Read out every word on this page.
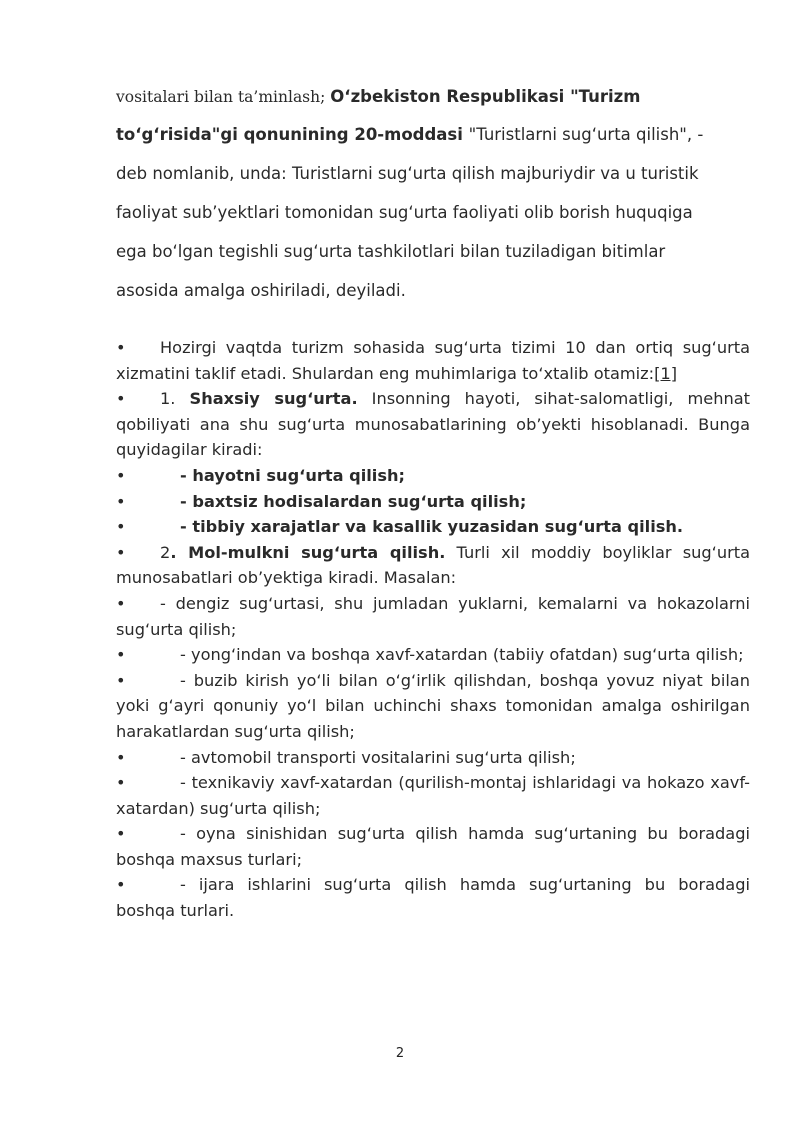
vositalari bilan ta’minlash; O‘zbekiston Respublikasi "Turizm
to‘g‘risida"gi qonunining 20-moddasi "Turistlarni sug‘urta qilish", -
deb nomlanib, unda: Turistlarni sug‘urta qilish majburiydir va u turistik
faoliyat sub’yektlari tomonidan sug‘urta faoliyati olib borish huquqiga
ega bo‘lgan tegishli sug‘urta tashkilotlari bilan tuziladigan bitimlar
asosida amalga oshiriladi, deyiladi.

• Hozirgi vaqtda turizm sohasida sug‘urta tizimi 10 dan ortiq sug‘urta xizmatini taklif etadi. Shulardan eng muhimlariga to‘xtalib otamiz:[1]

• 1. Shaxsiy sug‘urta. Insonning hayoti, sihat-salomatligi, mehnat qobiliyati ana shu sug‘urta munosabatlarining ob’yekti hisoblanadi. Bunga quyidagilar kiradi:

•	- hayotni sug‘urta qilish;

•	- baxtsiz hodisalardan sug‘urta qilish;

•	- tibbiy xarajatlar va kasallik yuzasidan sug‘urta qilish.

• 2. Mol-mulkni sug‘urta qilish. Turli xil moddiy boyliklar sug‘urta munosabatlari ob’yektiga kiradi. Masalan:

• - dengiz sug‘urtasi, shu jumladan yuklarni, kemalarni va hokazolarni sug‘urta qilish;

•	- yong‘indan va boshqa xavf-xatardan (tabiiy ofatdan) sug‘urta qilish;

•	- buzib kirish yo‘li bilan o‘g‘irlik qilishdan, boshqa yovuz niyat bilan yoki g‘ayri qonuniy yo‘l bilan uchinchi shaxs tomonidan amalga oshirilgan harakatlardan sug‘urta qilish;

•	- avtomobil transporti vositalarini sug‘urta qilish;

•	- texnikaviy xavf-xatardan (qurilish-montaj ishlaridagi va hokazo xavf-xatardan) sug‘urta qilish;

•	- oyna sinishidan sug‘urta qilish hamda sug‘urtaning bu boradagi boshqa maxsus turlari;

•	- ijara ishlarini sug‘urta qilish hamda sug‘urtaning bu boradagi boshqa turlari.

2
